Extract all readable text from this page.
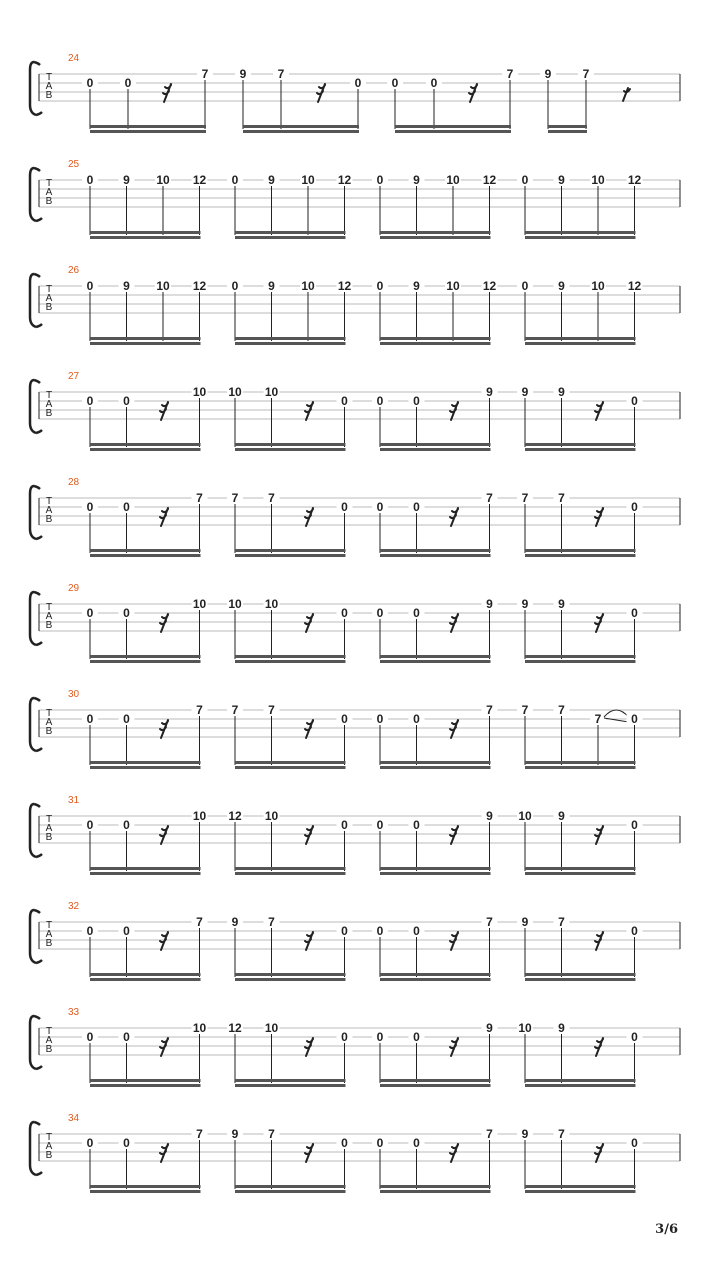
T
A
B
24
0	0
7	9	7
0	0	0
7	9	7
T
A
B
25
0 9 10 12 0 9 10 12 0 9 10 12 0 9 10 12
T
A
B
26
0 9 10 12 0 9 10 12 0 9 10 12 0 9 10 12
T
A
B
27
0 0
10 10 10
0 0 0
9 9 9
0
T
A
B
28
0 0
7 7 7
0 0 0
7 7 7
0
T
A
B
29
0 0
10 10 10
0 0 0
9 9 9
0
T
A
B
30
0 0
7 7 7
0 0 0
7 7 7
7 0
T
A
B
31
0 0
10 12 10
0 0 0
9 10 9
0
T
A
B
32
0 0
7 9 7
0 0 0
7 9 7
0
T
A
B
33
0 0
10 12 10
0 0 0
9 10 9
0
T
A
B
34
0 0
7 9 7
0 0 0
7 9 7
0
3/6
